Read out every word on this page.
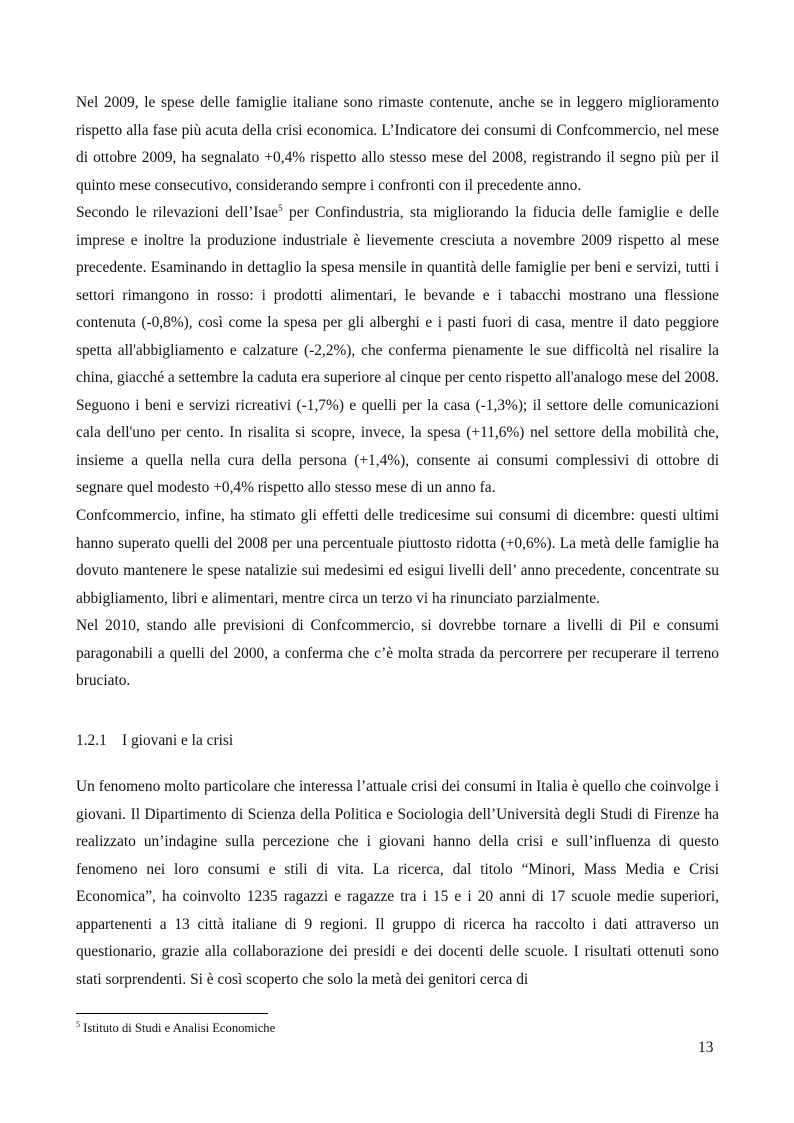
Nel 2009, le spese delle famiglie italiane sono rimaste contenute, anche se in leggero miglioramento rispetto alla fase più acuta della crisi economica. L’Indicatore dei consumi di Confcommercio, nel mese di ottobre 2009, ha segnalato +0,4% rispetto allo stesso mese del 2008, registrando il segno più per il quinto mese consecutivo, considerando sempre i confronti con il precedente anno.

Secondo le rilevazioni dell’Isae$^5$ per Confindustria, sta migliorando la fiducia delle famiglie e delle imprese e inoltre la produzione industriale è lievemente cresciuta a novembre 2009 rispetto al mese precedente. Esaminando in dettaglio la spesa mensile in quantità delle famiglie per beni e servizi, tutti i settori rimangono in rosso: i prodotti alimentari, le bevande e i tabacchi mostrano una flessione contenuta (-0,8%), così come la spesa per gli alberghi e i pasti fuori di casa, mentre il dato peggiore spetta all'abbigliamento e calzature (-2,2%), che conferma pienamente le sue difficoltà nel risalire la china, giacché a settembre la caduta era superiore al cinque per cento rispetto all'analogo mese del 2008. Seguono i beni e servizi ricreativi (-1,7%) e quelli per la casa (-1,3%); il settore delle comunicazioni cala dell'uno per cento. In risalita si scopre, invece, la spesa (+11,6%) nel settore della mobilità che, insieme a quella nella cura della persona (+1,4%), consente ai consumi complessivi di ottobre di segnare quel modesto +0,4% rispetto allo stesso mese di un anno fa.

Confcommercio, infine, ha stimato gli effetti delle tredicesime sui consumi di dicembre: questi ultimi hanno superato quelli del 2008 per una percentuale piuttosto ridotta (+0,6%). La metà delle famiglie ha dovuto mantenere le spese natalizie sui medesimi ed esigui livelli dell’ anno precedente, concentrate su abbigliamento, libri e alimentari, mentre circa un terzo vi ha rinunciato parzialmente.

Nel 2010, stando alle previsioni di Confcommercio, si dovrebbe tornare a livelli di Pil e consumi paragonabili a quelli del 2000, a conferma che c’è molta strada da percorrere per recuperare il terreno bruciato.

1.2.1 I giovani e la crisi

Un fenomeno molto particolare che interessa l’attuale crisi dei consumi in Italia è quello che coinvolge i giovani. Il Dipartimento di Scienza della Politica e Sociologia dell’Università degli Studi di Firenze ha realizzato un’indagine sulla percezione che i giovani hanno della crisi e sull’influenza di questo fenomeno nei loro consumi e stili di vita. La ricerca, dal titolo “Minori, Mass Media e Crisi Economica”, ha coinvolto 1235 ragazzi e ragazze tra i 15 e i 20 anni di 17 scuole medie superiori, appartenenti a 13 città italiane di 9 regioni. Il gruppo di ricerca ha raccolto i dati attraverso un questionario, grazie alla collaborazione dei presidi e dei docenti delle scuole. I risultati ottenuti sono stati sorprendenti. Si è così scoperto che solo la metà dei genitori cerca di

$^5$ Istituto di Studi e Analisi Economiche

13
